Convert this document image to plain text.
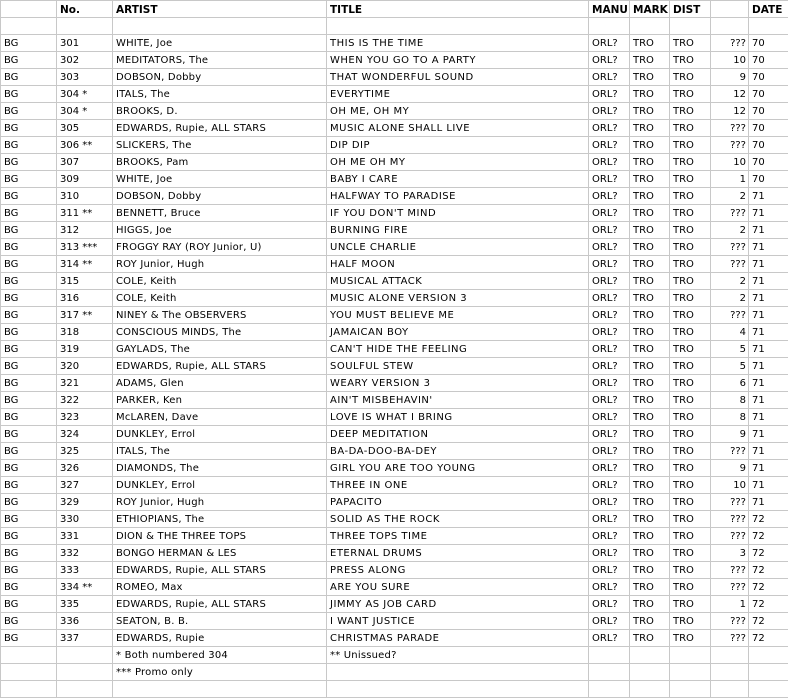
	No.	ARTIST	TITLE	MANU	MARK	DIST		DATE

BG	301	WHITE, Joe	THIS IS THE TIME	ORL?	TRO	TRO	???	70
BG	302	MEDITATORS, The	WHEN YOU GO TO A PARTY	ORL?	TRO	TRO	10	70
BG	303	DOBSON, Dobby	THAT WONDERFUL SOUND	ORL?	TRO	TRO	9	70
BG	304 *	ITALS, The	EVERYTIME	ORL?	TRO	TRO	12	70
BG	304 *	BROOKS, D.	OH ME, OH MY	ORL?	TRO	TRO	12	70
BG	305	EDWARDS, Rupie, ALL STARS	MUSIC ALONE SHALL LIVE	ORL?	TRO	TRO	???	70
BG	306 **	SLICKERS, The	DIP DIP	ORL?	TRO	TRO	???	70
BG	307	BROOKS, Pam	OH ME OH MY	ORL?	TRO	TRO	10	70
BG	309	WHITE, Joe	BABY I CARE	ORL?	TRO	TRO	1	70
BG	310	DOBSON, Dobby	HALFWAY TO PARADISE	ORL?	TRO	TRO	2	71
BG	311 **	BENNETT, Bruce	IF YOU DON'T MIND	ORL?	TRO	TRO	???	71
BG	312	HIGGS, Joe	BURNING FIRE	ORL?	TRO	TRO	2	71
BG	313 ***	FROGGY RAY (ROY Junior, U)	UNCLE CHARLIE	ORL?	TRO	TRO	???	71
BG	314 **	ROY Junior, Hugh	HALF MOON	ORL?	TRO	TRO	???	71
BG	315	COLE, Keith	MUSICAL ATTACK	ORL?	TRO	TRO	2	71
BG	316	COLE, Keith	MUSIC ALONE VERSION 3	ORL?	TRO	TRO	2	71
BG	317 **	NINEY & The OBSERVERS	YOU MUST BELIEVE ME	ORL?	TRO	TRO	???	71
BG	318	CONSCIOUS MINDS, The	JAMAICAN BOY	ORL?	TRO	TRO	4	71
BG	319	GAYLADS, The	CAN'T HIDE THE FEELING	ORL?	TRO	TRO	5	71
BG	320	EDWARDS, Rupie, ALL STARS	SOULFUL STEW	ORL?	TRO	TRO	5	71
BG	321	ADAMS, Glen	WEARY VERSION 3	ORL?	TRO	TRO	6	71
BG	322	PARKER, Ken	AIN'T MISBEHAVIN'	ORL?	TRO	TRO	8	71
BG	323	McLAREN, Dave	LOVE IS WHAT I BRING	ORL?	TRO	TRO	8	71
BG	324	DUNKLEY, Errol	DEEP MEDITATION	ORL?	TRO	TRO	9	71
BG	325	ITALS, The	BA-DA-DOO-BA-DEY	ORL?	TRO	TRO	???	71
BG	326	DIAMONDS, The	GIRL YOU ARE TOO YOUNG	ORL?	TRO	TRO	9	71
BG	327	DUNKLEY, Errol	THREE IN ONE	ORL?	TRO	TRO	10	71
BG	329	ROY Junior, Hugh	PAPACITO	ORL?	TRO	TRO	???	71
BG	330	ETHIOPIANS, The	SOLID AS THE ROCK	ORL?	TRO	TRO	???	72
BG	331	DION & THE THREE TOPS	THREE TOPS TIME	ORL?	TRO	TRO	???	72
BG	332	BONGO HERMAN & LES	ETERNAL DRUMS	ORL?	TRO	TRO	3	72
BG	333	EDWARDS, Rupie, ALL STARS	PRESS ALONG	ORL?	TRO	TRO	???	72
BG	334 **	ROMEO, Max	ARE YOU SURE	ORL?	TRO	TRO	???	72
BG	335	EDWARDS, Rupie, ALL STARS	JIMMY AS JOB CARD	ORL?	TRO	TRO	1	72
BG	336	SEATON, B. B.	I WANT JUSTICE	ORL?	TRO	TRO	???	72
BG	337	EDWARDS, Rupie	CHRISTMAS PARADE	ORL?	TRO	TRO	???	72
		* Both numbered 304	** Unissued?					
		*** Promo only						
